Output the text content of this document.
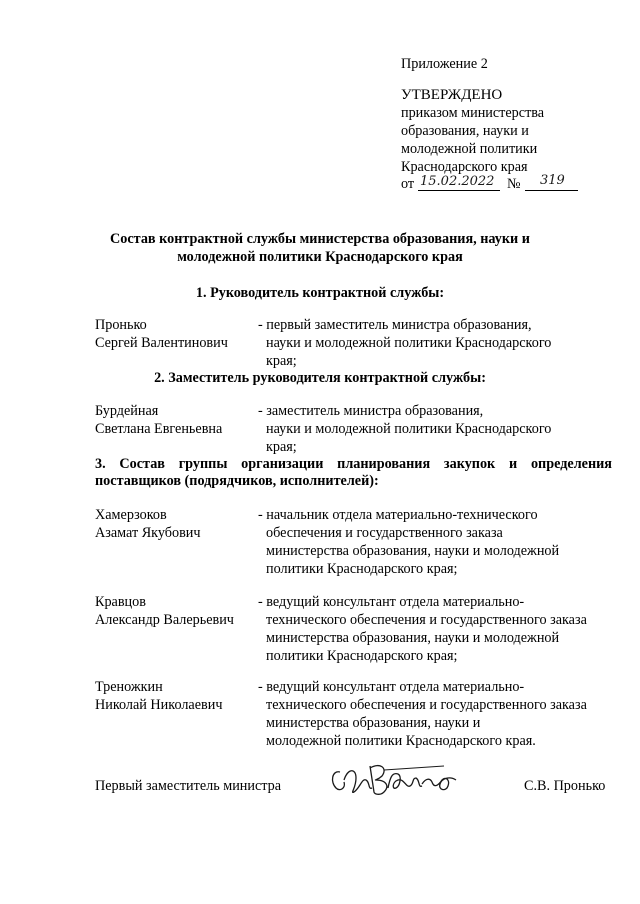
Приложение 2
УТВЕРЖДЕНО
приказом министерства
образования, науки и
молодежной политики
Краснодарского края
от 15.02.2022 № 319
Состав контрактной службы министерства образования, науки и
молодежной политики Краснодарского края
1. Руководитель контрактной службы:
Пронько
Сергей Валентинович
- первый заместитель министра образования,
науки и молодежной политики Краснодарского
края;
2. Заместитель руководителя контрактной службы:
Бурдейная
Светлана Евгеньевна
- заместитель министра образования,
науки и молодежной политики Краснодарского
края;
3. Состав группы организации планирования закупок и определения
поставщиков (подрядчиков, исполнителей):
Хамерзоков
Азамат Якубович
- начальник отдела материально-технического
обеспечения и государственного заказа
министерства образования, науки и молодежной
политики Краснодарского края;
Кравцов
Александр Валерьевич
- ведущий консультант отдела материально-
технического обеспечения и государственного заказа
министерства образования, науки и молодежной
политики Краснодарского края;
Треножкин
Николай Николаевич
- ведущий консультант отдела материально-
технического обеспечения и государственного заказа
министерства образования, науки и
молодежной политики Краснодарского края.
Первый заместитель министра	С.В. Пронько
